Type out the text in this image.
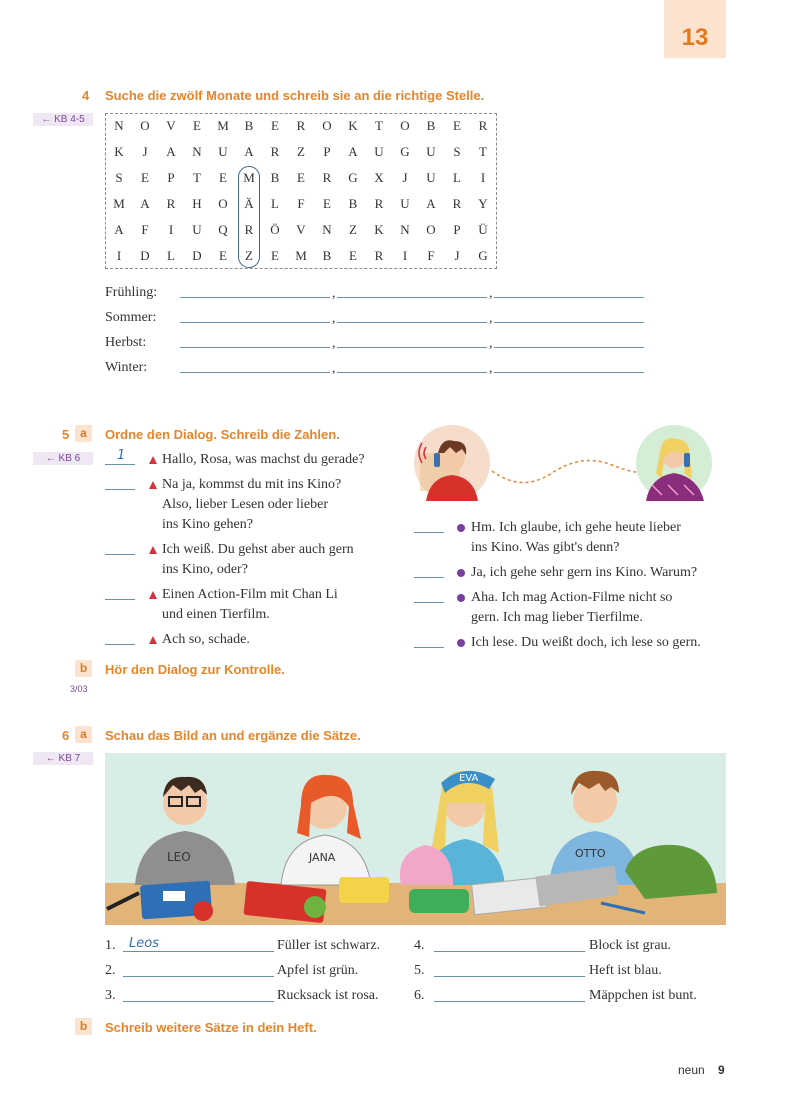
13
4 Suche die zwölf Monate und schreib sie an die richtige Stelle.
← KB 4-5	N	O	V	E	M	B	E	R	O	K	T	O	B	E	R
K	J	A	N	U	A	R	Z	P	A	U	G	U	S	T
S	E	P	T	E	M	B	E	R	G	X	J	U	L	I
M	A	R	H	O	Ä	L	F	E	B	R	U	A	R	Y
A	F	I	U	Q	R	Ö	V	N	Z	K	N	O	P	Ü
I	D	L	D	E	Z	E	M	B	E	R	I	F	J	G
Frühling:	,	,
Sommer:	,	,
Herbst:	,	,
Winter:	,	,
5 a	Ordne den Dialog. Schreib die Zahlen.
← KB 6	1	Hallo, Rosa, was machst du gerade?
Na ja, kommst du mit ins Kino?
Also, lieber Lesen oder lieber
ins Kino gehen?
Ich weiß. Du gehst aber auch gern
ins Kino, oder?
Einen Action-Film mit Chan Li
und einen Tierfilm.
Ach so, schade.
Hm. Ich glaube, ich gehe heute lieber
ins Kino. Was gibt's denn?
Ja, ich gehe sehr gern ins Kino. Warum?
Aha. Ich mag Action-Filme nicht so
gern. Ich mag lieber Tierfilme.
Ich lese. Du weißt doch, ich lese so gern.
b	Hör den Dialog zur Kontrolle.
3/03
6 a	Schau das Bild an und ergänze die Sätze.
← KB 7
LEO	JANA
EVA
OTTO
1. Leos	Füller ist schwarz.
2.	Apfel ist grün.
3.	Rucksack ist rosa.
4.	Block ist grau.
5.	Heft ist blau.
6.	Mäppchen ist bunt.
b	Schreib weitere Sätze in dein Heft.
neun 9
